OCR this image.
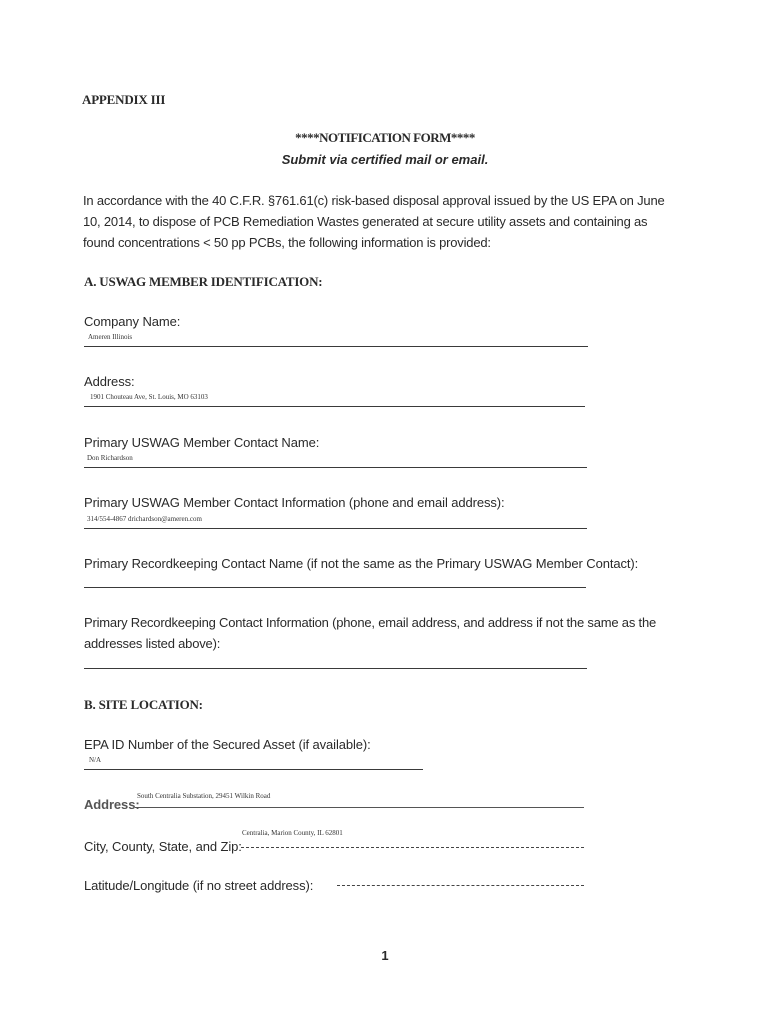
APPENDIX III
****NOTIFICATION FORM****
Submit via certified mail or email.
In accordance with the 40 C.F.R. §761.61(c) risk-based disposal approval issued by the US EPA on June 10, 2014, to dispose of PCB Remediation Wastes generated at secure utility assets and containing as found concentrations < 50 pp PCBs, the following information is provided:
A. USWAG MEMBER IDENTIFICATION:
Company Name:
Ameren Illinois
Address:
1901 Chouteau Ave, St. Louis, MO 63103
Primary USWAG Member Contact Name:
Don Richardson
Primary USWAG Member Contact Information (phone and email address):
314/554-4867 drichardson@ameren.com
Primary Recordkeeping Contact Name (if not the same as the Primary USWAG Member Contact):
Primary Recordkeeping Contact Information (phone, email address, and address if not the same as the addresses listed above):
B. SITE LOCATION:
EPA ID Number of the Secured Asset (if available):
N/A
South Centralia Substation, 29451 Wilkin Road
Address:
Centralia, Marion County, IL 62801
City, County, State, and Zip:
Latitude/Longitude (if no street address):
1
